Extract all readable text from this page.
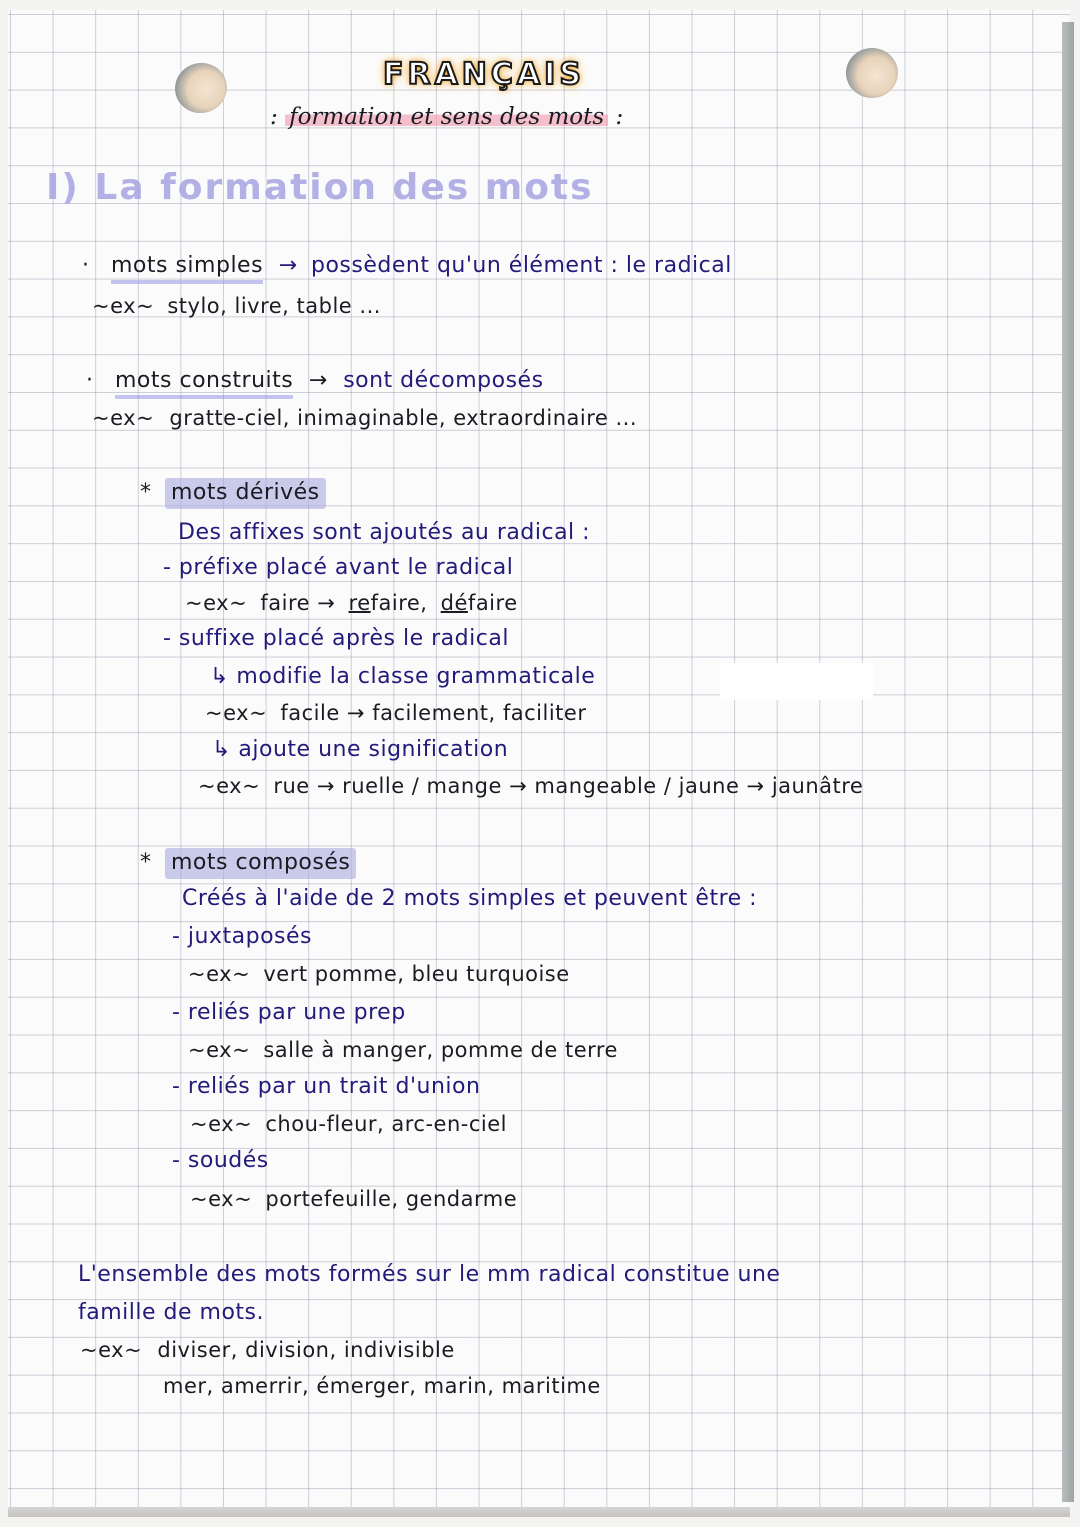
FRANÇAIS
: formation et sens des mots :
I) La formation des mots
· mots simples → possèdent qu'un élément : le radical
~ex~ stylo, livre, table ...
· mots construits → sont décomposés
~ex~ gratte-ciel, inimaginable, extraordinaire ...
* mots dérivés
Des affixes sont ajoutés au radical :
- préfixe placé avant le radical
~ex~ faire → refaire, défaire
- suffixe placé après le radical
↳ modifie la classe grammaticale
~ex~ facile → facilement, faciliter
↳ ajoute une signification
~ex~ rue → ruelle / mange → mangeable / jaune → jaunâtre
* mots composés
Créés à l'aide de 2 mots simples et peuvent être :
- juxtaposés
~ex~ vert pomme, bleu turquoise
- reliés par une prep
~ex~ salle à manger, pomme de terre
- reliés par un trait d'union
~ex~ chou-fleur, arc-en-ciel
- soudés
~ex~ portefeuille, gendarme
L'ensemble des mots formés sur le mm radical constitue une
famille de mots.
~ex~ diviser, division, indivisible
mer, amerrir, émerger, marin, maritime
